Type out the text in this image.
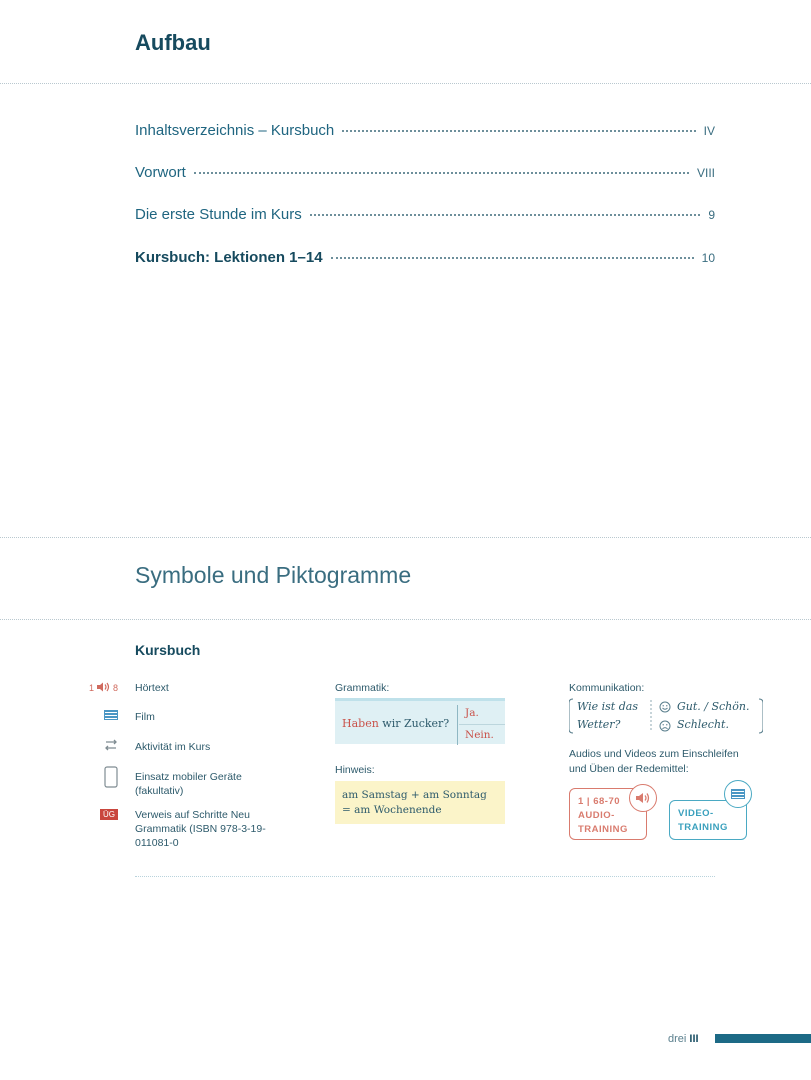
Aufbau
Inhaltsverzeichnis – Kursbuch	IV
Vorwort	VIII
Die erste Stunde im Kurs	9
Kursbuch: Lektionen 1–14	10
Symbole und Piktogramme
Kursbuch
1 8 Hörtext
Film
Aktivität im Kurs
Einsatz mobiler Geräte (fakultativ)
ÜG Verweis auf Schritte Neu Grammatik (ISBN 978-3-19-011081-0
Grammatik:
Haben wir Zucker?
Ja.
Nein.
Hinweis:
am Samstag + am Sonntag
= am Wochenende
Kommunikation:
Wie ist das
Wetter?
Gut. / Schön.
Schlecht.
Audios und Videos zum Einschleifen
und Üben der Redemittel:
1 | 68-70
AUDIO-
TRAINING
VIDEO-
TRAINING
drei III
